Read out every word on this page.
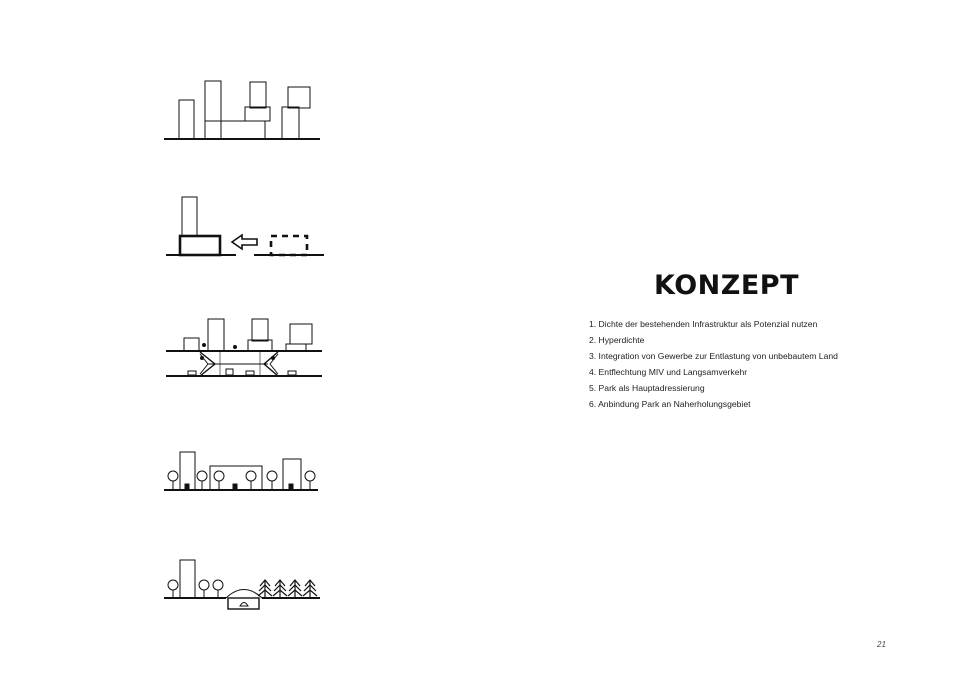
KONZEPT
1. Dichte der bestehenden Infrastruktur als Potenzial nutzen
2. Hyperdichte
3. Integration von Gewerbe zur Entlastung von unbebautem Land
4. Entflechtung MIV und Langsamverkehr
5. Park als Hauptadressierung
6. Anbindung Park an Naherholungsgebiet
21
